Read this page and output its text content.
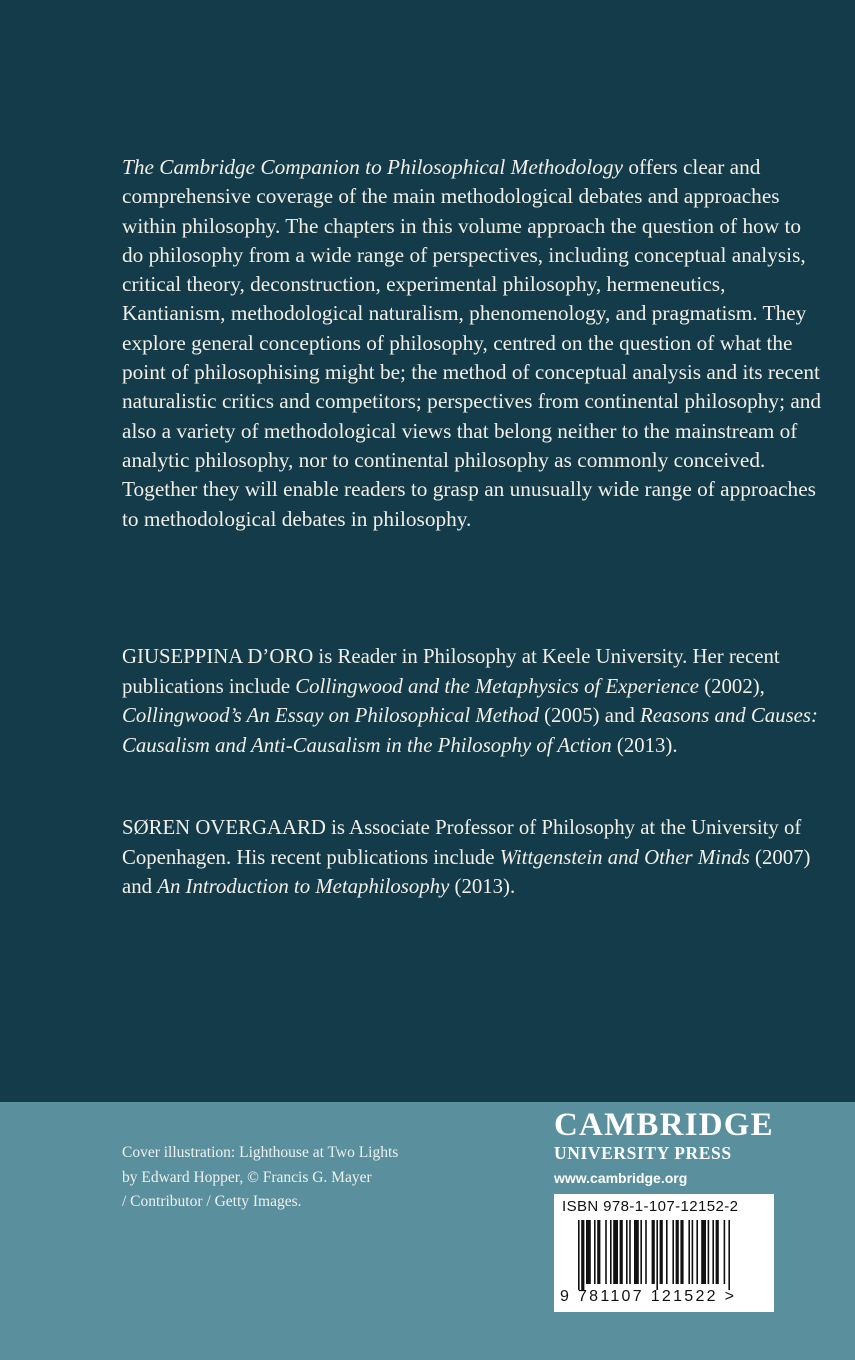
The Cambridge Companion to Philosophical Methodology offers clear and comprehensive coverage of the main methodological debates and approaches within philosophy. The chapters in this volume approach the question of how to do philosophy from a wide range of perspectives, including conceptual analysis, critical theory, deconstruction, experimental philosophy, hermeneutics, Kantianism, methodological naturalism, phenomenology, and pragmatism. They explore general conceptions of philosophy, centred on the question of what the point of philosophising might be; the method of conceptual analysis and its recent naturalistic critics and competitors; perspectives from continental philosophy; and also a variety of methodological views that belong neither to the mainstream of analytic philosophy, nor to continental philosophy as commonly conceived. Together they will enable readers to grasp an unusually wide range of approaches to methodological debates in philosophy.

GIUSEPPINA D’ORO is Reader in Philosophy at Keele University. Her recent publications include Collingwood and the Metaphysics of Experience (2002), Collingwood’s An Essay on Philosophical Method (2005) and Reasons and Causes: Causalism and Anti-Causalism in the Philosophy of Action (2013).

SØREN OVERGAARD is Associate Professor of Philosophy at the University of Copenhagen. His recent publications include Wittgenstein and Other Minds (2007) and An Introduction to Metaphilosophy (2013).

Cover illustration: Lighthouse at Two Lights
by Edward Hopper, © Francis G. Mayer
/ Contributor / Getty Images.
CAMBRIDGE
UNIVERSITY PRESS
www.cambridge.org
ISBN 978-1-107-12152-2
9 781107 121522 >
